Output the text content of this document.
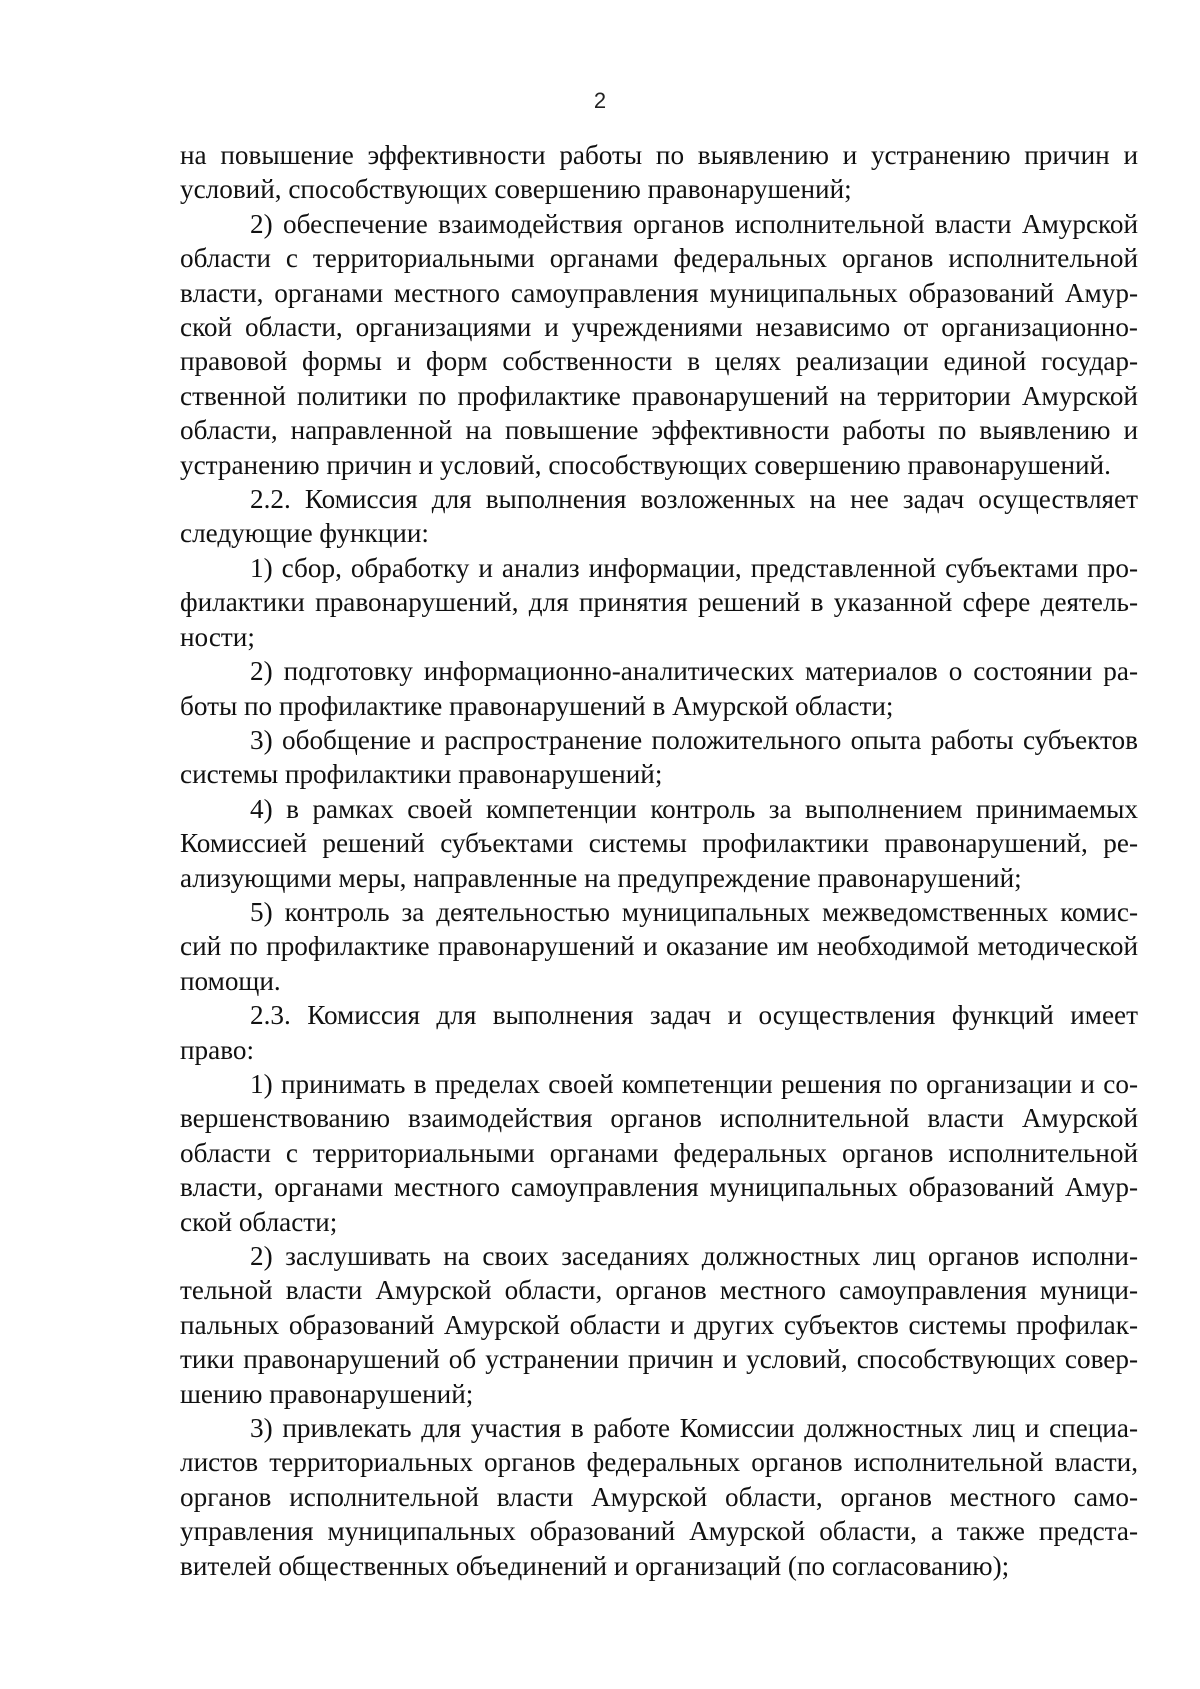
2

на повышение эффективности работы по выявлению и устранению причин и условий, способствующих совершению правонарушений;

2) обеспечение взаимодействия органов исполнительной власти Амурской области с территориальными органами федеральных органов исполнительной власти, органами местного самоуправления муниципальных образований Амурской области, организациями и учреждениями независимо от организационно-правовой формы и форм собственности в целях реализации единой государственной политики по профилактике правонарушений на территории Амурской области, направленной на повышение эффективности работы по выявлению и устранению причин и условий, способствующих совершению правонарушений.

2.2. Комиссия для выполнения возложенных на нее задач осуществляет следующие функции:

1) сбор, обработку и анализ информации, представленной субъектами профилактики правонарушений, для принятия решений в указанной сфере деятельности;

2) подготовку информационно-аналитических материалов о состоянии работы по профилактике правонарушений в Амурской области;

3) обобщение и распространение положительного опыта работы субъектов системы профилактики правонарушений;

4) в рамках своей компетенции контроль за выполнением принимаемых Комиссией решений субъектами системы профилактики правонарушений, реализующими меры, направленные на предупреждение правонарушений;

5) контроль за деятельностью муниципальных межведомственных комиссий по профилактике правонарушений и оказание им необходимой методической помощи.

2.3. Комиссия для выполнения задач и осуществления функций имеет право:

1) принимать в пределах своей компетенции решения по организации и совершенствованию взаимодействия органов исполнительной власти Амурской области с территориальными органами федеральных органов исполнительной власти, органами местного самоуправления муниципальных образований Амурской области;

2) заслушивать на своих заседаниях должностных лиц органов исполнительной власти Амурской области, органов местного самоуправления муниципальных образований Амурской области и других субъектов системы профилактики правонарушений об устранении причин и условий, способствующих совершению правонарушений;

3) привлекать для участия в работе Комиссии должностных лиц и специалистов территориальных органов федеральных органов исполнительной власти, органов исполнительной власти Амурской области, органов местного самоуправления муниципальных образований Амурской области, а также представителей общественных объединений и организаций (по согласованию);
